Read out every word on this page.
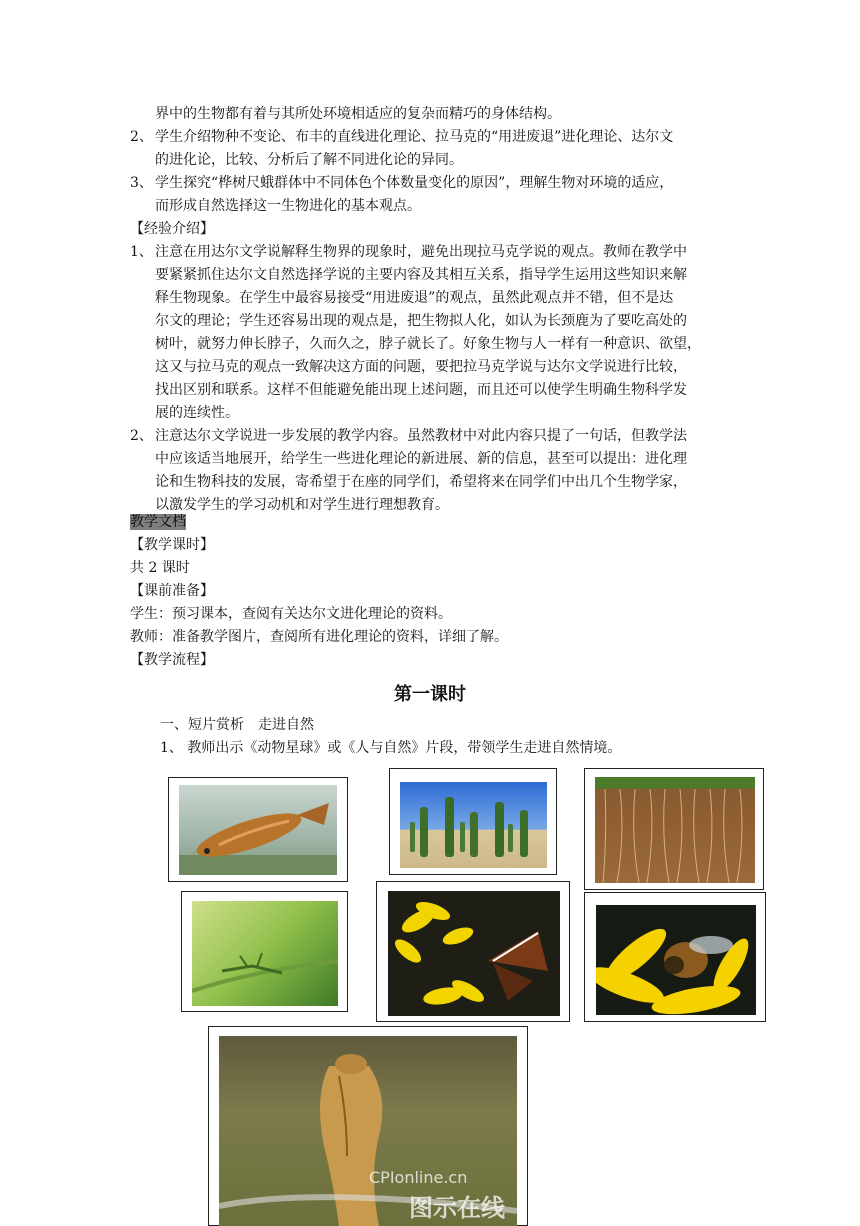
界中的生物都有着与其所处环境相适应的复杂而精巧的身体结构。
2、 学生介绍物种不变论、布丰的直线进化理论、拉马克的“用进废退”进化理论、达尔文
的进化论，比较、分析后了解不同进化论的异同。
3、 学生探究“桦树尺蛾群体中不同体色个体数量变化的原因”，理解生物对环境的适应，
而形成自然选择这一生物进化的基本观点。
【经验介绍】
1、 注意在用达尔文学说解释生物界的现象时，避免出现拉马克学说的观点。教师在教学中
要紧紧抓住达尔文自然选择学说的主要内容及其相互关系，指导学生运用这些知识来解
释生物现象。在学生中最容易接受“用进废退”的观点，虽然此观点并不错，但不是达
尔文的理论；学生还容易出现的观点是，把生物拟人化，如认为长颈鹿为了要吃高处的
树叶，就努力伸长脖子，久而久之，脖子就长了。好象生物与人一样有一种意识、欲望，
这又与拉马克的观点一致解决这方面的问题，要把拉马克学说与达尔文学说进行比较，
找出区别和联系。这样不但能避免能出现上述问题，而且还可以使学生明确生物科学发
展的连续性。
2、 注意达尔文学说进一步发展的教学内容。虽然教材中对此内容只提了一句话，但教学法
中应该适当地展开，给学生一些进化理论的新进展、新的信息，甚至可以提出：进化理
论和生物科技的发展，寄希望于在座的同学们，希望将来在同学们中出几个生物学家，
以激发学生的学习动机和对学生进行理想教育。
教学文档
【教学课时】
共 2 课时
【课前准备】
学生：预习课本，查阅有关达尔文进化理论的资料。
教师：准备教学图片，查阅所有进化理论的资料，详细了解。
【教学流程】
第一课时
一、短片赏析　走进自然
1、 教师出示《动物星球》或《人与自然》片段，带领学生走进自然情境。
CPIonline.cn
图示在线
